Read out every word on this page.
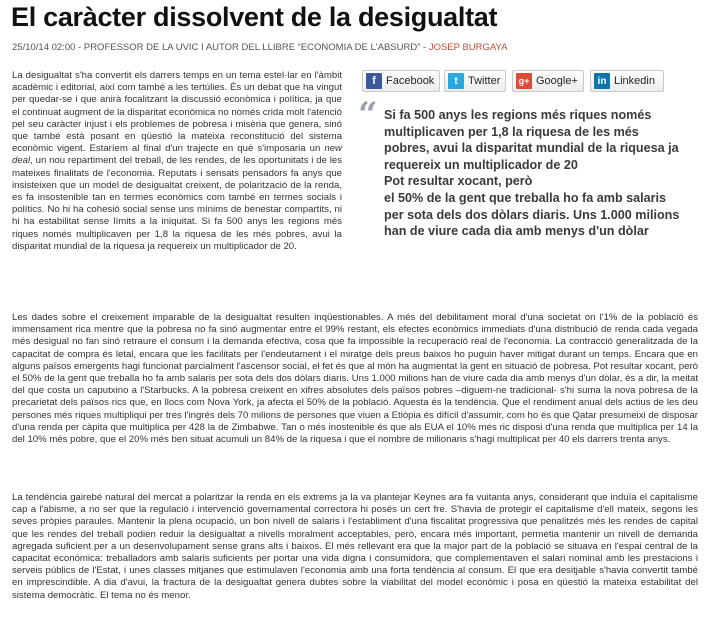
El caràcter dissolvent de la desigualtat
25/10/14 02:00 - PROFESSOR DE LA UVIC I AUTOR DEL LLIBRE “ECONOMIA DE L'ABSURD” - JOSEP BURGAYA

La desigualtat s'ha convertit els darrers temps en un tema estel·lar en l'àmbit acadèmic i editorial, així com també a les tertúlies. És un debat que ha vingut per quedar-se i que anirà focalitzant la discussió econòmica i política, ja que el continuat augment de la disparitat econòmica no només crida molt l'atenció pel seu caràcter injust i els problemes de pobresa i misèria que genera, sinó que també està posant en qüestió la mateixa reconstitució del sistema econòmic vigent. Estaríem al final d'un trajecte en què s'imposaria un new deal, un nou repartiment del treball, de les rendes, de les oportunitats i de les mateixes finalitats de l'economia. Reputats i sensats pensadors fa anys que insisteixen que un model de desigualtat creixent, de polarització de la renda, es fa insostenible tan en termes econòmics com també en termes socials i polítics. No hi ha cohesió social sense uns mínims de benestar compartits, ni hi ha estabilitat sense límits a la iniquitat. Si fa 500 anys les regions més riques només multiplicaven per 1,8 la riquesa de les més pobres, avui la disparitat mundial de la riquesa ja requereix un multiplicador de 20.

f Facebook	t Twitter g+ Google+	in Linkedin
“ Si fa 500 anys les regions més riques només multiplicaven per 1,8 la riquesa de les més pobres, avui la disparitat mundial de la riquesa ja requereix un multiplicador de 20
Pot resultar xocant, però
el 50% de la gent que treballa ho fa amb salaris per sota dels dos dòlars diaris. Uns 1.000 milions han de viure cada dia amb menys d'un dòlar

Les dades sobre el creixement imparable de la desigualtat resulten inqüestionables. A més del debilitament moral d'una societat on l'1% de la població és immensament rica mentre que la pobresa no fa sinó augmentar entre el 99% restant, els efectes econòmics immediats d'una distribució de renda cada vegada més desigual no fan sinó retraure el consum i la demanda efectiva, cosa que fa impossible la recuperació real de l'economia. La contracció generalitzada de la capacitat de compra és letal, encara que les facilitats per l'endeutament i el miratge dels preus baixos ho puguin haver mitigat durant un temps. Encara que en alguns països emergents hagi funcionat parcialment l'ascensor social, el fet és que al món ha augmentat la gent en situació de pobresa. Pot resultar xocant, però el 50% de la gent que treballa ho fa amb salaris per sota dels dos dòlars diaris. Uns 1.000 milions han de viure cada dia amb menys d'un dòlar, és a dir, la meitat del que costa un caputxino a l'Starbucks. A la pobresa creixent en xifres absolutes dels països pobres –diguem-ne tradicional- s'hi suma la nova pobresa de la precarietat dels països rics que, en llocs com Nova York, ja afecta el 50% de la població. Aquesta és la tendència. Que el rendiment anual dels actius de les deu persones més riques multipliqui per tres l'ingrés dels 70 milions de persones que viuen a Etiòpia és difícil d'assumir, com ho és que Qatar presumeixi de disposar d'una renda per càpita que multiplica per 428 la de Zimbabwe. Tan o més inostenible és que als EUA el 10% més ric disposi d'una renda que multiplica per 14 la del 10% més pobre, que el 20% més ben situat acumuli un 84% de la riquesa i que el nombre de milionaris s'hagi multiplicat per 40 els darrers trenta anys.

La tendència gairebé natural del mercat a polaritzar la renda en els extrems ja la va plantejar Keynes ara fa vuitanta anys, considerant que induïa el capitalisme cap a l'abisme, a no ser que la regulació i intervenció governamental correctora hi posés un cert fre. S'havia de protegir el capitalisme d'ell mateix, segons les seves pròpies paraules. Mantenir la plena ocupació, un bon nivell de salaris i l'establiment d'una fiscalitat progressiva que penalitzés més les rendes de capital que les rendes del treball podien reduir la desigualtat a nivells moralment acceptables, però, encara més important, permetia mantenir un nivell de demanda agregada suficient per a un desenvolupament sense grans alts i baixos. El més rellevant era que la major part de la població se situava en l'espai central de la capacitat econòmica: treballadors amb salaris suficients per portar una vida digna i consumidora, que complementaven el salari nominal amb les prestacions i serveis públics de l'Estat, i unes classes mitjanes que estimulaven l'economia amb una forta tendència al consum. El que era desitjable s'havia convertit també en imprescindible. A dia d'avui, la fractura de la desigualtat genera dubtes sobre la viabilitat del model econòmic i posa en qüestió la mateixa estabilitat del sistema democràtic. El tema no és menor.
